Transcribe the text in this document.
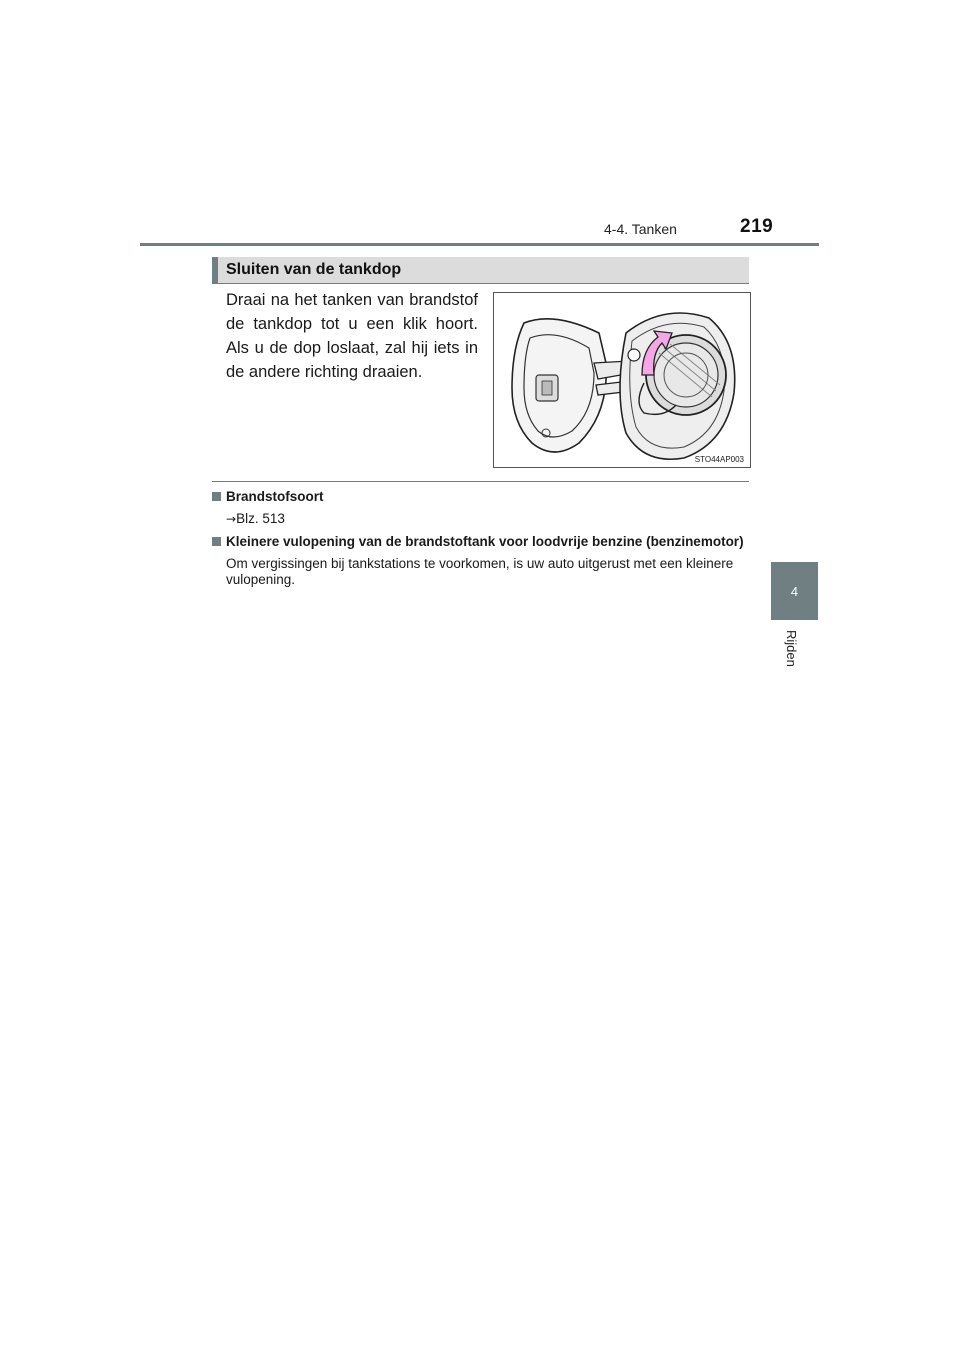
4-4. Tanken	219
4
Rijden
Sluiten van de tankdop
Draai na het tanken van brandstof de tankdop tot u een klik hoort. Als u de dop loslaat, zal hij iets in de andere richting draaien.
STO44AP003
Brandstofsoort
→Blz. 513
Kleinere vulopening van de brandstoftank voor loodvrije benzine (benzinemotor)
Om vergissingen bij tankstations te voorkomen, is uw auto uitgerust met een kleinere vulopening.
